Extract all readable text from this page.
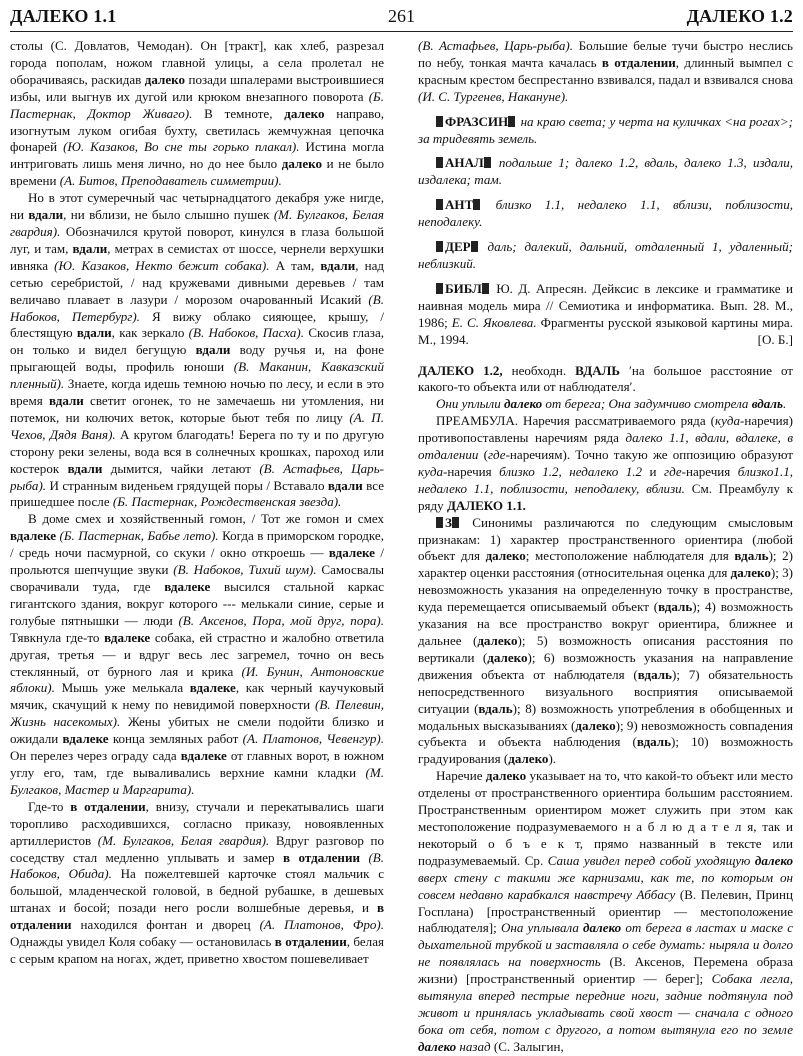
ДАЛЕКО 1.1	261	ДАЛЕКО 1.2

столы (С. Довлатов, Чемодан). Он [тракт], как хлеб, разрезал города пополам, ножом главной улицы, а села пролетал не оборачиваясь, раскидав далеко позади шпалерами выстроившиеся избы, или выгнув их дугой или крюком внезапного поворота (Б. Пастернак, Доктор Живаго). В темноте, далеко направо, изогнутым луком огибая бухту, светилась жемчужная цепочка фонарей (Ю. Казаков, Во сне ты горько плакал). Истина могла интриговать лишь меня лично, но до нее было далеко и не было времени (А. Битов, Преподаватель симметрии).

Но в этот сумеречный час четырнадцатого декабря уже нигде, ни вдали, ни вблизи, не было слышно пушек (М. Булгаков, Белая гвардия). Обозначился крутой поворот, кинулся в глаза большой луг, и там, вдали, метрах в семистах от шоссе, чернели верхушки ивняка (Ю. Казаков, Некто бежит собака). А там, вдали, над сетью серебристой, / над кружевами дивными деревьев / там величаво плавает в лазури / морозом очарованный Исакий (В. Набоков, Петербург). Я вижу облако сияющее, крышу, / блестящую вдали, как зеркало (В. Набоков, Пасха). Скосив глаза, он только и видел бегущую вдали воду ручья и, на фоне прыгающей воды, профиль юноши (В. Маканин, Кавказский пленный). Знаете, когда идешь темною ночью по лесу, и если в это время вдали светит огонек, то не замечаешь ни утомления, ни потемок, ни колючих веток, которые бьют тебя по лицу (А. П. Чехов, Дядя Ваня). А кругом благодать! Берега по ту и по другую сторону реки зелены, вода вся в солнечных крошках, пароход или костерок вдали дымится, чайки летают (В. Астафьев, Царь-рыба). И странным виденьем грядущей поры / Вставало вдали все пришедшее после (Б. Пастернак, Рождественская звезда).

В доме смех и хозяйственный гомон, / Тот же гомон и смех вдалеке (Б. Пастернак, Бабье лето). Когда в приморском городке, / средь ночи пасмурной, со скуки / окно откроешь — вдалеке / прольются шепчущие звуки (В. Набоков, Тихий шум). Самосвалы сворачивали туда, где вдалеке высился стальной каркас гигантского здания, вокруг которого --- мелькали синие, серые и голубые пятнышки — люди (В. Аксенов, Пора, мой друг, пора). Тявкнула где-то вдалеке собака, ей страстно и жалобно ответила другая, третья — и вдруг весь лес загремел, точно он весь стеклянный, от бурного лая и крика (И. Бунин, Антоновские яблоки). Мышь уже мелькала вдалеке, как черный каучуковый мячик, скачущий к нему по невидимой поверхности (В. Пелевин, Жизнь насекомых). Жены убитых не смели подойти близко и ожидали вдалеке конца земляных работ (А. Платонов, Чевенгур). Он перелез через ограду сада вдалеке от главных ворот, в южном углу его, там, где вываливались верхние камни кладки (М. Булгаков, Мастер и Маргарита).

Где-то в отдалении, внизу, стучали и перекатывались шаги торопливо расходившихся, согласно приказу, новоявленных артиллеристов (М. Булгаков, Белая гвардия). Вдруг разговор по соседству стал медленно уплывать и замер в отдалении (В. Набоков, Обида). На пожелтевшей карточке стоял мальчик с большой, младенческой головой, в бедной рубашке, в дешевых штанах и босой; позади него росли волшебные деревья, и в отдалении находился фонтан и дворец (А. Платонов, Фро). Однажды увидел Коля собаку — остановилась в отдалении, белая с серым крапом на ногах, ждет, приветно хвостом пошевеливает

(В. Астафьев, Царь-рыба). Большие белые тучи быстро неслись по небу, тонкая мачта качалась в отдалении, длинный вымпел с красным крестом беспрестанно взвивался, падал и взвивался снова (И. С. Тургенев, Накануне).

ФРАЗСИН на краю света; у черта на куличках <на рогах>; за тридевять земель.

АНАЛ подальше 1; далеко 1.2, вдаль, далеко 1.3, издали, издалека; там.

АНТ близко 1.1, недалеко 1.1, вблизи, поблизости, неподалеку.

ДЕР даль; далекий, дальний, отдаленный 1, удаленный; неблизкий.

БИБЛ Ю. Д. Апресян. Дейксис в лексике и грамматике и наивная модель мира // Семиотика и информатика. Вып. 28. М., 1986; Е. С. Яковлева. Фрагменты русской языковой картины мира. М., 1994.	[О. Б.]

ДАЛЕКО 1.2, необходн. ВДАЛЬ ′на большое расстояние от какого-то объекта или от наблюдателя′.

Они уплыли далеко от берега; Она задумчиво смотрела вдаль.

ПРЕАМБУЛА. Наречия рассматриваемого ряда (куда-наречия) противопоставлены наречиям ряда далеко 1.1, вдали, вдалеке, в отдалении (где-наречиям). Точно такую же оппозицию образуют куда-наречия близко 1.2, недалеко 1.2 и где-наречия близко1.1, недалеко 1.1, поблизости, неподалеку, вблизи. См. Преамбулу к ряду ДАЛЕКО 1.1.

З Синонимы различаются по следующим смысловым признакам: 1) характер пространственного ориентира (любой объект для далеко; местоположение наблюдателя для вдаль); 2) характер оценки расстояния (относительная оценка для далеко); 3) невозможность указания на определенную точку в пространстве, куда перемещается описываемый объект (вдаль); 4) возможность указания на все пространство вокруг ориентира, ближнее и дальнее (далеко); 5) возможность описания расстояния по вертикали (далеко); 6) возможность указания на направление движения объекта от наблюдателя (вдаль); 7) обязательность непосредственного визуального восприятия описываемой ситуации (вдаль); 8) возможность употребления в обобщенных и модальных высказываниях (далеко); 9) невозможность совпадения субъекта и объекта наблюдения (вдаль); 10) возможность градуирования (далеко).

Наречие далеко указывает на то, что какой-то объект или место отделены от пространственного ориентира большим расстоянием. Пространственным ориентиром может служить при этом как местоположение подразумеваемого н а б л ю д а т е л я, так и некоторый о б ъ е к т, прямо названный в тексте или подразумеваемый. Ср. Саша увидел перед собой уходящую далеко вверх стену с такими же карнизами, как те, по которым он совсем недавно карабкался навстречу Аббасу (В. Пелевин, Принц Госплана) [пространственный ориентир — местоположение наблюдателя]; Она уплывала далеко от берега в ластах и маске с дыхательной трубкой и заставляла о себе думать: ныряла и долго не появлялась на поверхность (В. Аксенов, Перемена образа жизни) [пространственный ориентир — берег]; Собака легла, вытянула вперед пестрые передние ноги, задние подтянула под живот и принялась укладывать свой хвост — сначала с одного бока от себя, потом с другого, а потом вытянула его по земле далеко назад (С. Залыгин,
